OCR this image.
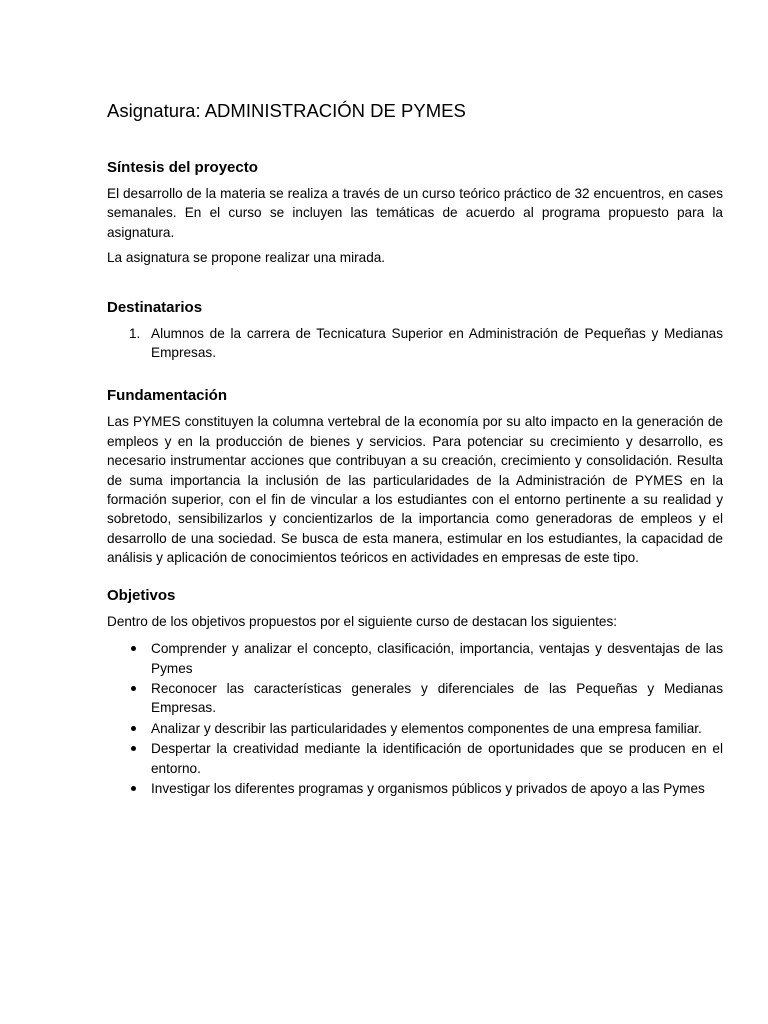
Asignatura: ADMINISTRACIÓN DE PYMES
Síntesis del proyecto

El desarrollo de la materia se realiza a través de un curso teórico práctico de 32 encuentros, en cases semanales. En el curso se incluyen las temáticas de acuerdo al programa propuesto para la asignatura.

La asignatura se propone realizar una mirada.

Destinatarios
1. Alumnos de la carrera de Tecnicatura Superior en Administración de Pequeñas y Medianas Empresas.
Fundamentación

Las PYMES constituyen la columna vertebral de la economía por su alto impacto en la generación de empleos y en la producción de bienes y servicios. Para potenciar su crecimiento y desarrollo, es necesario instrumentar acciones que contribuyan a su creación, crecimiento y consolidación. Resulta de suma importancia la inclusión de las particularidades de la Administración de PYMES en la formación superior, con el fin de vincular a los estudiantes con el entorno pertinente a su realidad y sobretodo, sensibilizarlos y concientizarlos de la importancia como generadoras de empleos y el desarrollo de una sociedad. Se busca de esta manera, estimular en los estudiantes, la capacidad de análisis y aplicación de conocimientos teóricos en actividades en empresas de este tipo.

Objetivos

Dentro de los objetivos propuestos por el siguiente curso de destacan los siguientes:

Comprender y analizar el concepto, clasificación, importancia, ventajas y desventajas de las Pymes
Reconocer las características generales y diferenciales de las Pequeñas y Medianas Empresas.
Analizar y describir las particularidades y elementos componentes de una empresa familiar.
Despertar la creatividad mediante la identificación de oportunidades que se producen en el entorno.
Investigar los diferentes programas y organismos públicos y privados de apoyo a las Pymes
